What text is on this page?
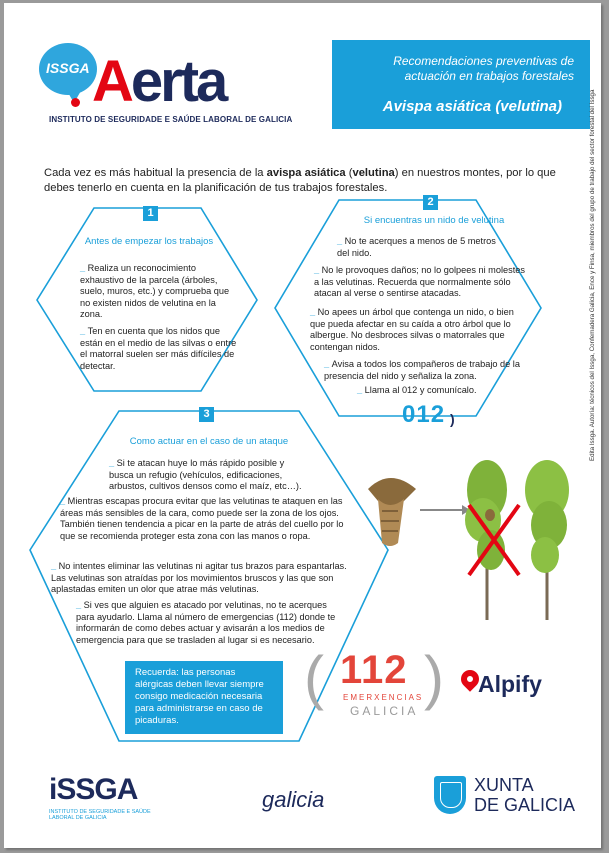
ISSGA Aerta
INSTITUTO DE SEGURIDADE E SAÚDE LABORAL DE GALICIA
Recomendaciones preventivas de actuación en trabajos forestales
Avispa asiática (velutina)
Cada vez es más habitual la presencia de la avispa asiática (velutina) en nuestros montes, por lo que debes tenerlo en cuenta en la planificación de tus trabajos forestales.
1
Antes de empezar los trabajos
_ Realiza un reconocimiento exhaustivo de la parcela (árboles, suelo, muros, etc.) y comprueba que no existen nidos de velutina en la zona.
_ Ten en cuenta que los nidos que están en el medio de las silvas o entre el matorral suelen ser más difíciles de detectar.
2
Si encuentras un nido de velutina
_ No te acerques a menos de 5 metros del nido.
_ No le provoques daños; no lo golpees ni molestes a las velutinas. Recuerda que normalmente sólo atacan al verse o sentirse atacadas.
_ No apees un árbol que contenga un nido, o bien que pueda afectar en su caída a otro árbol que lo albergue. No desbroces silvas o matorrales que contengan nidos.
_ Avisa a todos los compañeros de trabajo de la presencia del nido y señaliza la zona.
_ Llama al 012 y comunícalo.
012 )
3
Como actuar en el caso de un ataque
_ Si te atacan huye lo más rápido posible y busca un refugio (vehículos, edificaciones, arbustos, cultivos densos como el maíz, etc…).
_ Mientras escapas procura evitar que las velutinas te ataquen en las áreas más sensibles de la cara, como puede ser la zona de los ojos. También tienen tendencia a picar en la parte de atrás del cuello por lo que se recomienda proteger esta zona con las manos o ropa.
_ No intentes eliminar las velutinas ni agitar tus brazos para espantarlas. Las velutinas son atraídas por los movimientos bruscos y las que son aplastadas emiten un olor que atrae más velutinas.
_ Si ves que alguien es atacado por velutinas, no te acerques para ayudarlo. Llama al número de emergencias (112) donde te informarán de como debes actuar y avisarán a los medios de emergencia para que se trasladen al lugar si es necesario.
Recuerda: las personas alérgicas deben llevar siempre consigo medicación necesaria para administrarse en caso de picaduras.
( )
112
EMERXENCIAS
GALICIA
Alpify
iSSGA
INSTITUTO DE SEGURIDADE E SAÚDE LABORAL DE GALICIA
galicia
XUNTA
DE GALICIA
Edita Issga. Autoría: técnicos del Issga, Confemadera Galicia, Ence y Finsa, miembros del grupo de trabajo del sector forestal del Issga
